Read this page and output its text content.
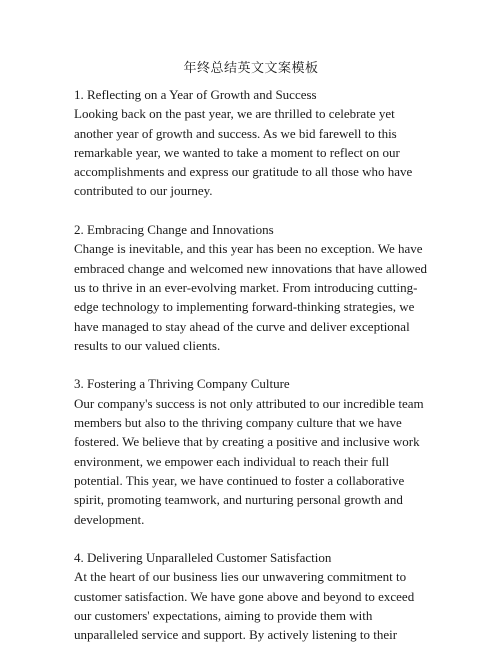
年终总结英文文案模板
1. Reflecting on a Year of Growth and Success
Looking back on the past year, we are thrilled to celebrate yet another year of growth and success. As we bid farewell to this remarkable year, we wanted to take a moment to reflect on our accomplishments and express our gratitude to all those who have contributed to our journey.
2. Embracing Change and Innovations
Change is inevitable, and this year has been no exception. We have embraced change and welcomed new innovations that have allowed us to thrive in an ever-evolving market. From introducing cutting-edge technology to implementing forward-thinking strategies, we have managed to stay ahead of the curve and deliver exceptional results to our valued clients.
3. Fostering a Thriving Company Culture
Our company's success is not only attributed to our incredible team members but also to the thriving company culture that we have fostered. We believe that by creating a positive and inclusive work environment, we empower each individual to reach their full potential. This year, we have continued to foster a collaborative spirit, promoting teamwork, and nurturing personal growth and development.
4. Delivering Unparalleled Customer Satisfaction
At the heart of our business lies our unwavering commitment to customer satisfaction. We have gone above and beyond to exceed our customers' expectations, aiming to provide them with unparalleled service and support. By actively listening to their
